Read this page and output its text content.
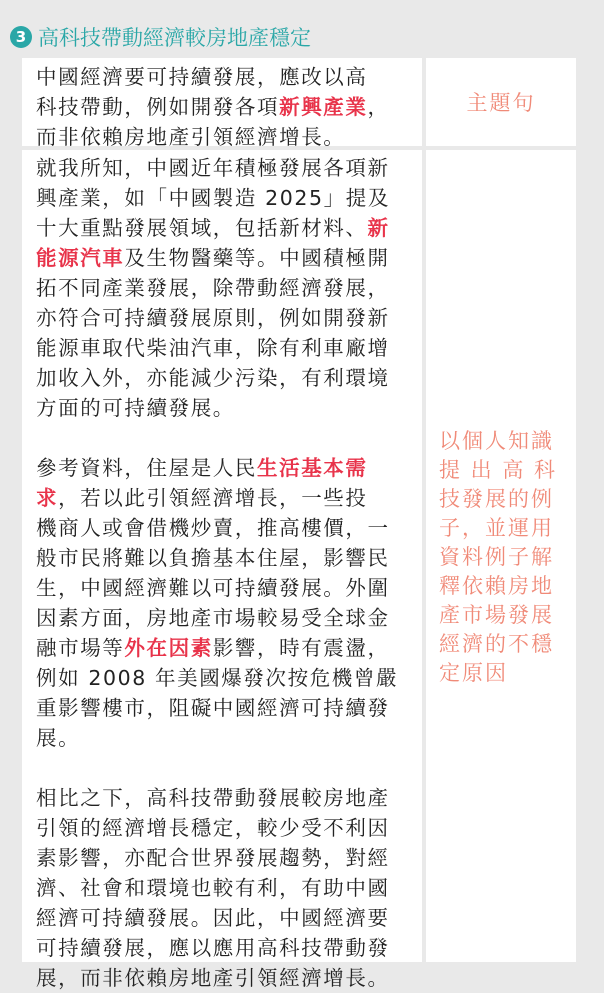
3 高科技帶動經濟較房地產穩定

中國經濟要可持續發展，應改以高
科技帶動，例如開發各項新興產業，
而非依賴房地產引領經濟增長。

主題句

就我所知，中國近年積極發展各項新
興產業，如「中國製造 2025」提及
十大重點發展領域，包括新材料、新
能源汽車及生物醫藥等。中國積極開
拓不同產業發展，除帶動經濟發展，
亦符合可持續發展原則，例如開發新
能源車取代柴油汽車，除有利車廠增
加收入外，亦能減少污染，有利環境
方面的可持續發展。

參考資料，住屋是人民生活基本需
求，若以此引領經濟增長，一些投
機商人或會借機炒賣，推高樓價，一
般市民將難以負擔基本住屋，影響民
生，中國經濟難以可持續發展。外圍
因素方面，房地產市場較易受全球金
融市場等外在因素影響，時有震盪，
例如 2008 年美國爆發次按危機曾嚴
重影響樓市，阻礙中國經濟可持續發
展。

相比之下，高科技帶動發展較房地產
引領的經濟增長穩定，較少受不利因
素影響，亦配合世界發展趨勢，對經
濟、社會和環境也較有利，有助中國
經濟可持續發展。因此，中國經濟要
可持續發展，應以應用高科技帶動發
展，而非依賴房地產引領經濟增長。

以個人知識
提 出 高 科
技發展的例
子，並運用
資料例子解
釋依賴房地
產市場發展
經濟的不穩
定原因
